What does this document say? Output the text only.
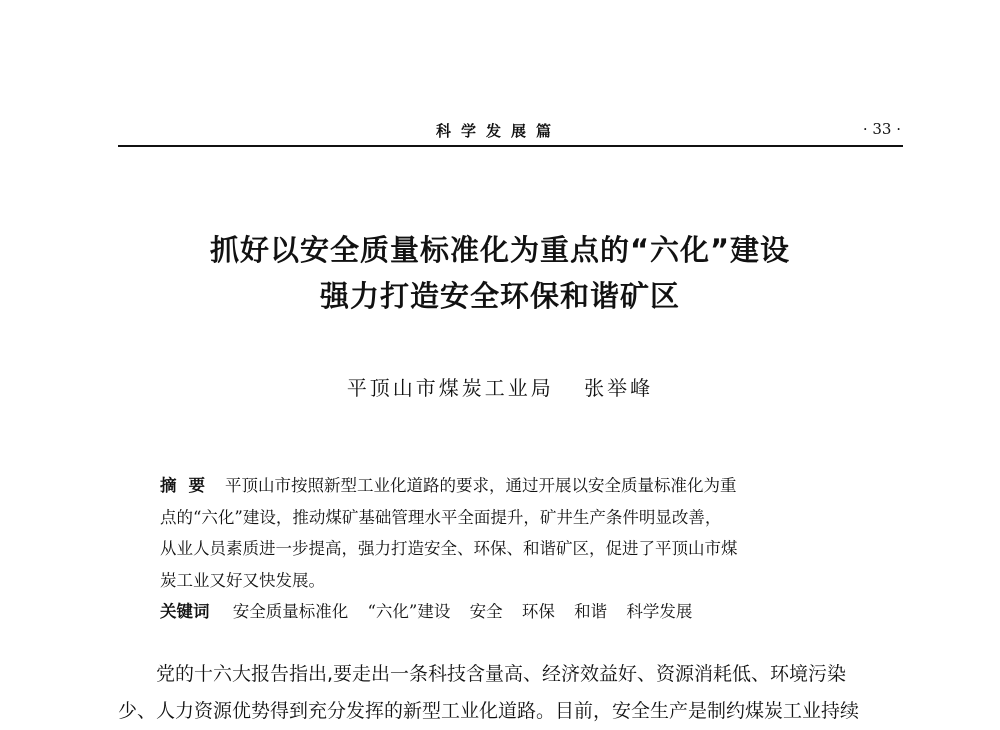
科学发展篇	· 33 ·
抓好以安全质量标准化为重点的“六化”建设
强力打造安全环保和谐矿区
平顶山市煤炭工业局 张举峰
摘要 平顶山市按照新型工业化道路的要求，通过开展以安全质量标准化为重
点的“六化”建设，推动煤矿基础管理水平全面提升，矿井生产条件明显改善，
从业人员素质进一步提高，强力打造安全、环保、和谐矿区，促进了平顶山市煤
炭工业又好又快发展。
关键词 安全质量标准化 “六化”建设 安全 环保 和谐 科学发展
党的十六大报告指出,要走出一条科技含量高、经济效益好、资源消耗低、环境污染
少、人力资源优势得到充分发挥的新型工业化道路。目前，安全生产是制约煤炭工业持续
